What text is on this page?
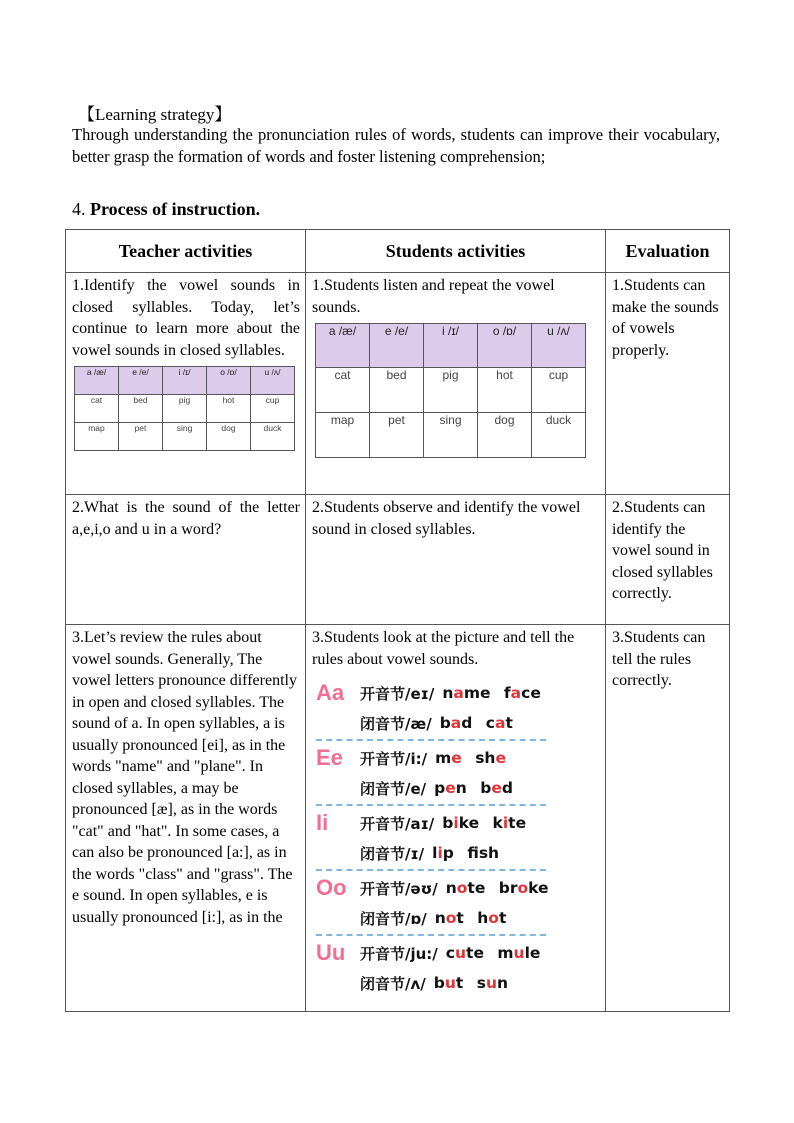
【Learning strategy】
Through understanding the pronunciation rules of words, students can improve their vocabulary, better grasp the formation of words and foster listening comprehension;
4. Process of instruction.
Teacher activities	Students activities	Evaluation

1.Identify the vowel sounds in closed syllables. Today, let’s continue to learn more about the vowel sounds in closed syllables.
a /æ/	e /e/	i /ɪ/	o /ɒ/	u /ʌ/
cat	bed	pig	hot	cup
map	pet	sing	dog	duck

1.Students listen and repeat the vowel sounds.
a /æ/	e /e/	i /ɪ/	o /ɒ/	u /ʌ/
cat	bed	pig	hot	cup
map	pet	sing	dog	duck

1.Students can make the sounds of vowels properly.

2.What is the sound of the letter a,e,i,o and u in a word?

2.Students observe and identify the vowel sound in closed syllables.

2.Students can identify the vowel sound in closed syllables correctly.

3.Let’s review the rules about vowel sounds. Generally, The vowel letters pronounce differently in open and closed syllables. The sound of a. In open syllables, a is usually pronounced [ei], as in the words "name" and "plane". In closed syllables, a may be pronounced [æ], as in the words "cat" and "hat". In some cases, a can also be pronounced [a:], as in the words "class" and "grass". The e sound. In open syllables, e is usually pronounced [i:], as in the

3.Students look at the picture and tell the rules about vowel sounds.
Aa	开音节/eɪ/ name face
闭音节/æ/ bad cat
Ee	开音节/i:/ me she
闭音节/e/ pen bed
Ii	开音节/aɪ/ bike kite
闭音节/ɪ/ lip fsh
Oo 开音节/əʊ/ note broke
闭音节/ɒ/ not hot
Uu 开音节/ju:/ cute mule
闭音节/ʌ/ but sun

3.Students can tell the rules correctly.
